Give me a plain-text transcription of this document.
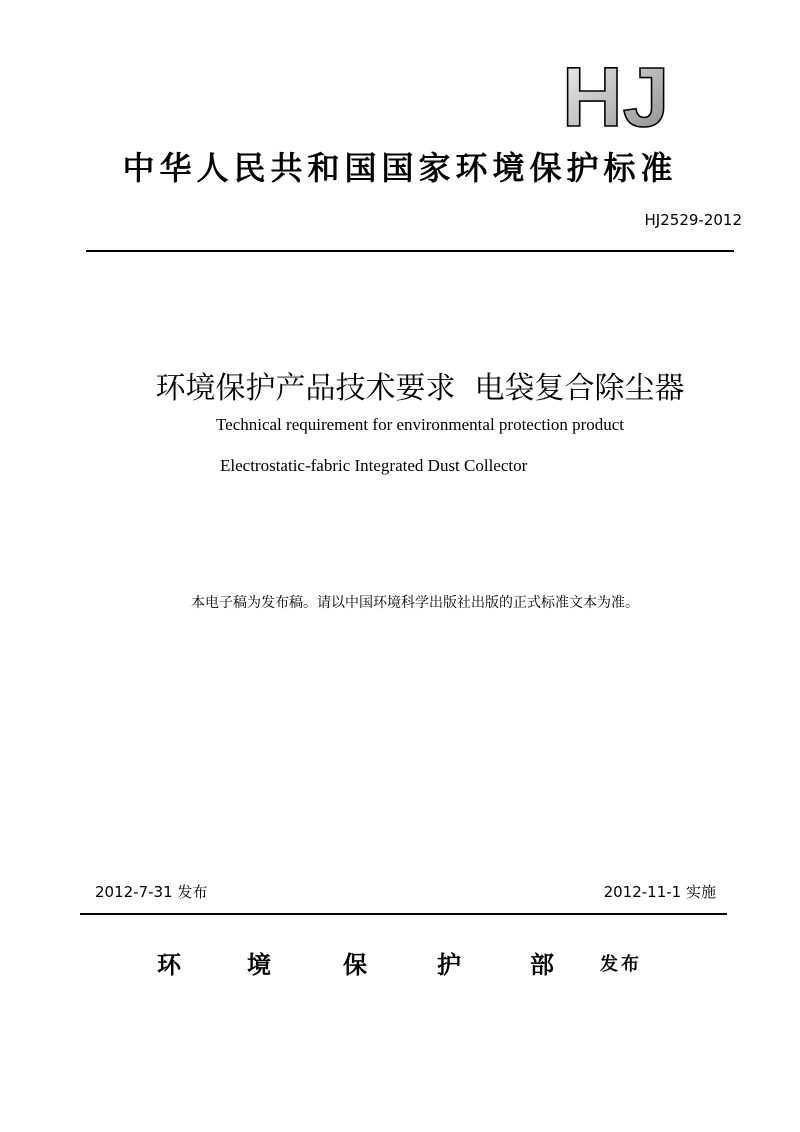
HJ
中华人民共和国国家环境保护标准
HJ2529-2012
环境保护产品技术要求  电袋复合除尘器
Technical requirement for environmental protection product
Electrostatic-fabric Integrated Dust Collector
本电子稿为发布稿。请以中国环境科学出版社出版的正式标准文本为准。
2012-7-31 发布	2012-11-1 实施
环	境	保	护	部	发布
